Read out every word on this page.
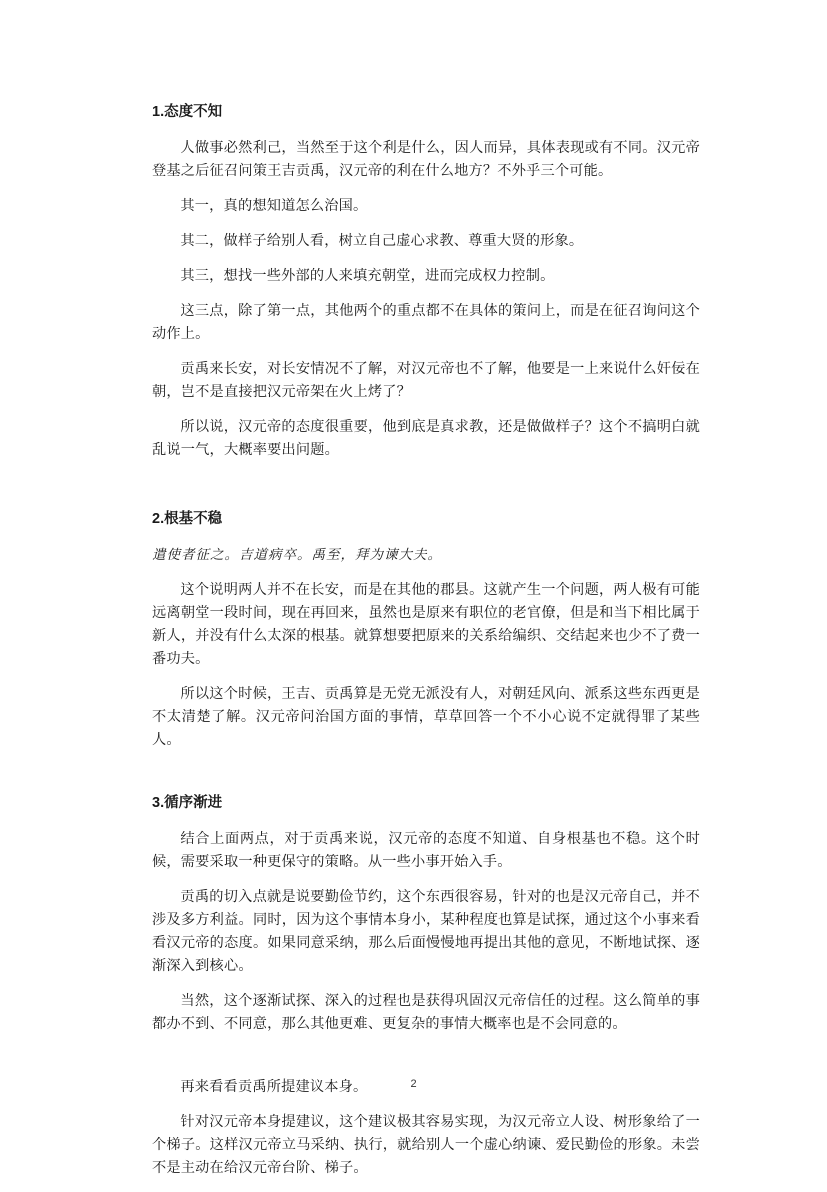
1.态度不知

人做事必然利己，当然至于这个利是什么，因人而异，具体表现或有不同。汉元帝登基之后征召问策王吉贡禹，汉元帝的利在什么地方？不外乎三个可能。

其一，真的想知道怎么治国。

其二，做样子给别人看，树立自己虚心求教、尊重大贤的形象。

其三，想找一些外部的人来填充朝堂，进而完成权力控制。

这三点，除了第一点，其他两个的重点都不在具体的策问上，而是在征召询问这个动作上。

贡禹来长安，对长安情况不了解，对汉元帝也不了解，他要是一上来说什么奸佞在朝，岂不是直接把汉元帝架在火上烤了？

所以说，汉元帝的态度很重要，他到底是真求教，还是做做样子？这个不搞明白就乱说一气，大概率要出问题。

2.根基不稳

遣使者征之。吉道病卒。禹至，拜为谏大夫。

这个说明两人并不在长安，而是在其他的郡县。这就产生一个问题，两人极有可能远离朝堂一段时间，现在再回来，虽然也是原来有职位的老官僚，但是和当下相比属于新人，并没有什么太深的根基。就算想要把原来的关系给编织、交结起来也少不了费一番功夫。

所以这个时候，王吉、贡禹算是无党无派没有人，对朝廷风向、派系这些东西更是不太清楚了解。汉元帝问治国方面的事情，草草回答一个不小心说不定就得罪了某些人。

3.循序渐进

结合上面两点，对于贡禹来说，汉元帝的态度不知道、自身根基也不稳。这个时候，需要采取一种更保守的策略。从一些小事开始入手。

贡禹的切入点就是说要勤俭节约，这个东西很容易，针对的也是汉元帝自己，并不涉及多方利益。同时，因为这个事情本身小，某种程度也算是试探，通过这个小事来看看汉元帝的态度。如果同意采纳，那么后面慢慢地再提出其他的意见，不断地试探、逐渐深入到核心。

当然，这个逐渐试探、深入的过程也是获得巩固汉元帝信任的过程。这么简单的事都办不到、不同意，那么其他更难、更复杂的事情大概率也是不会同意的。

再来看看贡禹所提建议本身。

针对汉元帝本身提建议，这个建议极其容易实现，为汉元帝立人设、树形象给了一个梯子。这样汉元帝立马采纳、执行，就给别人一个虚心纳谏、爱民勤俭的形象。未尝不是主动在给汉元帝台阶、梯子。

2
